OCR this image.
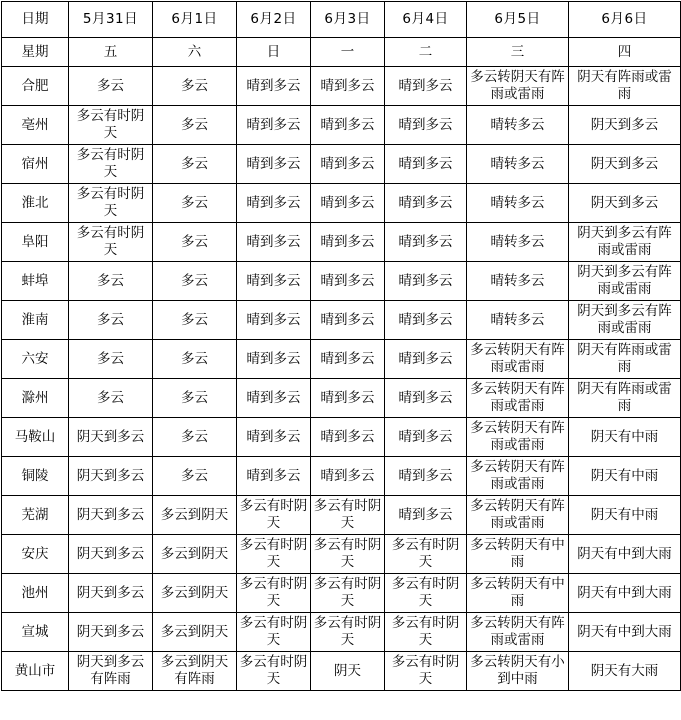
日期	5月31日	6月1日	6月2日	6月3日	6月4日	6月5日	6月6日
星期	五	六	日	一	二	三	四
合肥	多云	多云	晴到多云	晴到多云	晴到多云	多云转阴天有阵雨或雷雨	阴天有阵雨或雷雨
亳州	多云有时阴天	多云	晴到多云	晴到多云	晴到多云	晴转多云	阴天到多云
宿州	多云有时阴天	多云	晴到多云	晴到多云	晴到多云	晴转多云	阴天到多云
淮北	多云有时阴天	多云	晴到多云	晴到多云	晴到多云	晴转多云	阴天到多云
阜阳	多云有时阴天	多云	晴到多云	晴到多云	晴到多云	晴转多云	阴天到多云有阵雨或雷雨
蚌埠	多云	多云	晴到多云	晴到多云	晴到多云	晴转多云	阴天到多云有阵雨或雷雨
淮南	多云	多云	晴到多云	晴到多云	晴到多云	晴转多云	阴天到多云有阵雨或雷雨
六安	多云	多云	晴到多云	晴到多云	晴到多云	多云转阴天有阵雨或雷雨	阴天有阵雨或雷雨
滁州	多云	多云	晴到多云	晴到多云	晴到多云	多云转阴天有阵雨或雷雨	阴天有阵雨或雷雨
马鞍山	阴天到多云	多云	晴到多云	晴到多云	晴到多云	多云转阴天有阵雨或雷雨	阴天有中雨
铜陵	阴天到多云	多云	晴到多云	晴到多云	晴到多云	多云转阴天有阵雨或雷雨	阴天有中雨
芜湖	阴天到多云	多云到阴天	多云有时阴天	多云有时阴天	晴到多云	多云转阴天有阵雨或雷雨	阴天有中雨
安庆	阴天到多云	多云到阴天	多云有时阴天	多云有时阴天	多云有时阴天	多云转阴天有中雨	阴天有中到大雨
池州	阴天到多云	多云到阴天	多云有时阴天	多云有时阴天	多云有时阴天	多云转阴天有中雨	阴天有中到大雨
宣城	阴天到多云	多云到阴天	多云有时阴天	多云有时阴天	多云有时阴天	多云转阴天有阵雨或雷雨	阴天有中到大雨
黄山市	阴天到多云有阵雨	多云到阴天有阵雨	多云有时阴天	阴天	多云有时阴天	多云转阴天有小到中雨	阴天有大雨
